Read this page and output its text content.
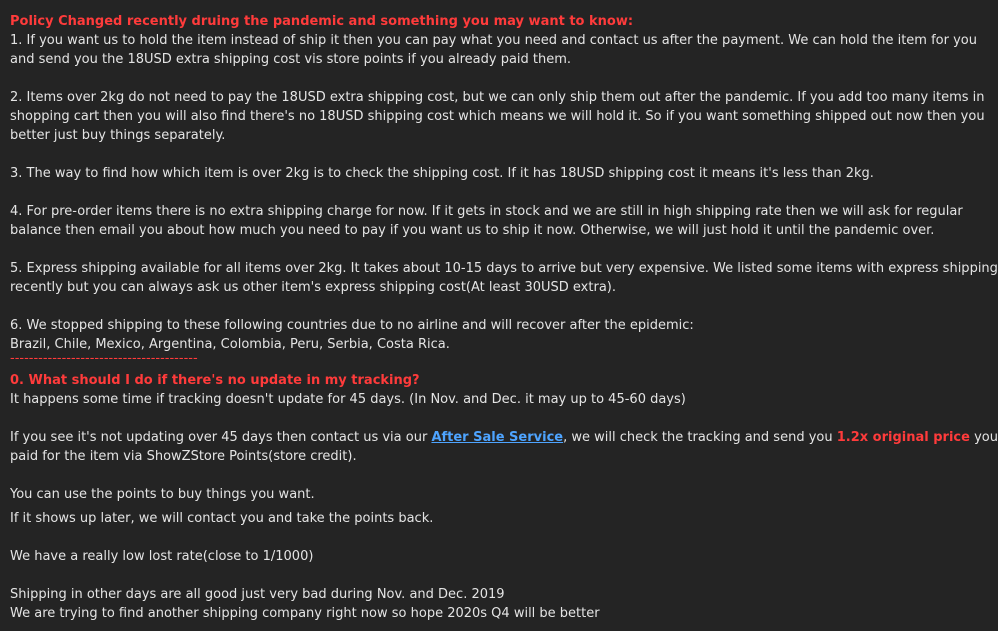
Policy Changed recently druing the pandemic and something you may want to know:
1. If you want us to hold the item instead of ship it then you can pay what you need and contact us after the payment. We can hold the item for you
and send you the 18USD extra shipping cost vis store points if you already paid them.
2. Items over 2kg do not need to pay the 18USD extra shipping cost, but we can only ship them out after the pandemic. If you add too many items in
shopping cart then you will also find there's no 18USD shipping cost which means we will hold it. So if you want something shipped out now then you
better just buy things separately.
3. The way to find how which item is over 2kg is to check the shipping cost. If it has 18USD shipping cost it means it's less than 2kg.
4. For pre-order items there is no extra shipping charge for now. If it gets in stock and we are still in high shipping rate then we will ask for regular
balance then email you about how much you need to pay if you want us to ship it now. Otherwise, we will just hold it until the pandemic over.
5. Express shipping available for all items over 2kg. It takes about 10-15 days to arrive but very expensive. We listed some items with express shipping
recently but you can always ask us other item's express shipping cost(At least 30USD extra).
6. We stopped shipping to these following countries due to no airline and will recover after the epidemic:
Brazil, Chile, Mexico, Argentina, Colombia, Peru, Serbia, Costa Rica.
----------------------------------------
0. What should I do if there's no update in my tracking?
It happens some time if tracking doesn't update for 45 days. (In Nov. and Dec. it may up to 45-60 days)
If you see it's not updating over 45 days then contact us via our After Sale Service, we will check the tracking and send you 1.2x original price you
paid for the item via ShowZStore Points(store credit).
You can use the points to buy things you want.
If it shows up later, we will contact you and take the points back.
We have a really low lost rate(close to 1/1000)
Shipping in other days are all good just very bad during Nov. and Dec. 2019
We are trying to find another shipping company right now so hope 2020s Q4 will be better
